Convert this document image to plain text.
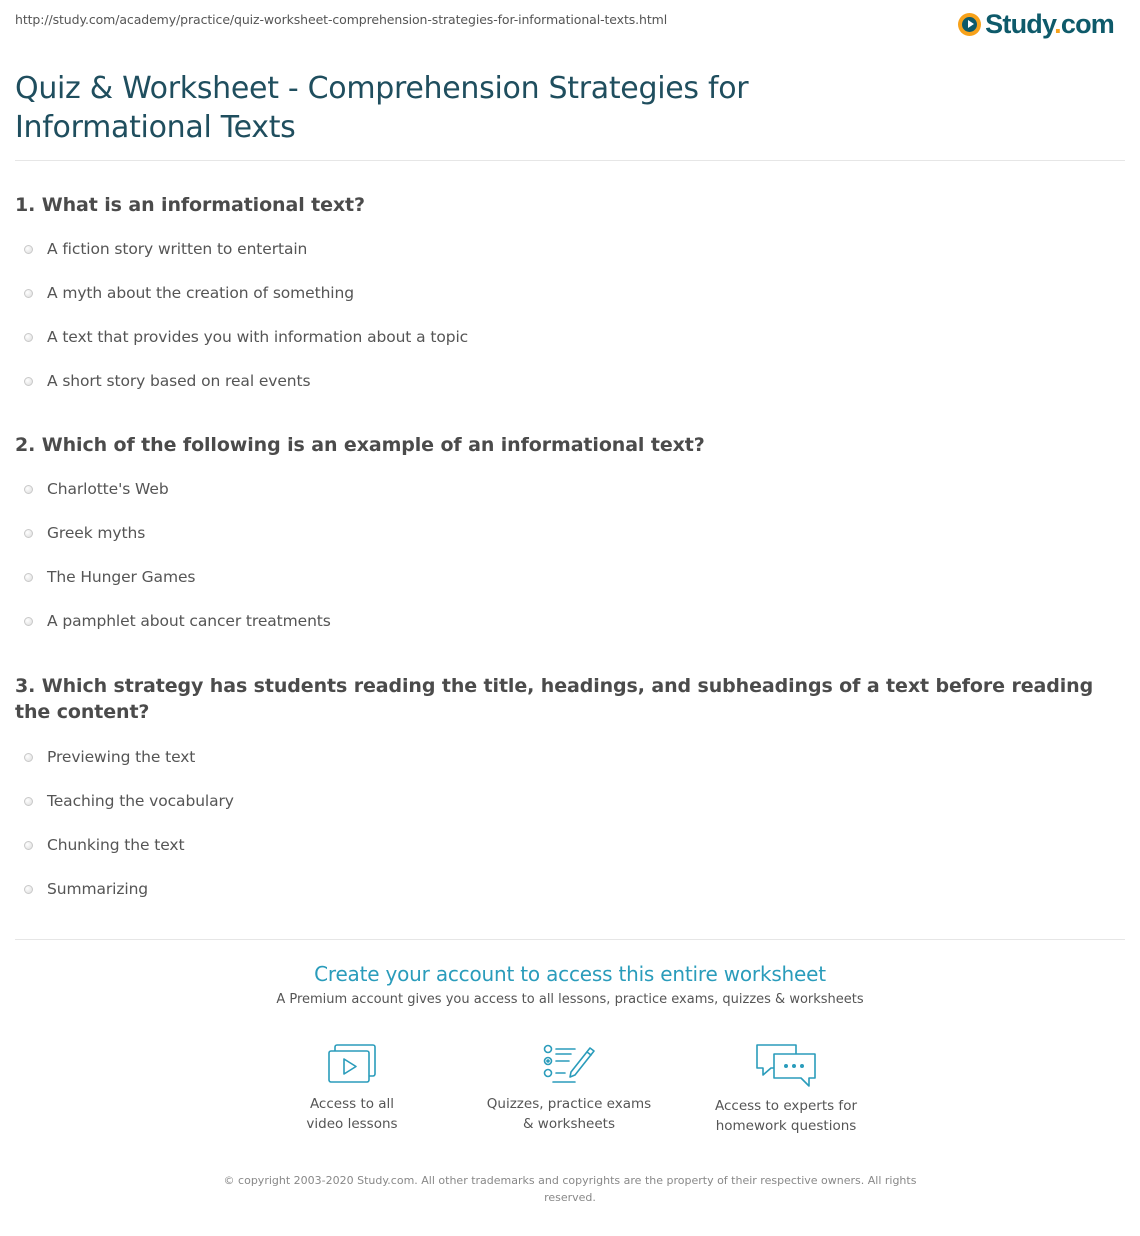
http://study.com/academy/practice/quiz-worksheet-comprehension-strategies-for-informational-texts.html	Study.com
Quiz & Worksheet - Comprehension Strategies for Informational Texts
1. What is an informational text?
A fiction story written to entertain
A myth about the creation of something
A text that provides you with information about a topic
A short story based on real events
2. Which of the following is an example of an informational text?
Charlotte's Web
Greek myths
The Hunger Games
A pamphlet about cancer treatments
3. Which strategy has students reading the title, headings, and subheadings of a text before reading the content?
Previewing the text
Teaching the vocabulary
Chunking the text
Summarizing
Create your account to access this entire worksheet
A Premium account gives you access to all lessons, practice exams, quizzes & worksheets
Access to all
video lessons
Quizzes, practice exams
& worksheets
Access to experts for
homework questions
© copyright 2003-2020 Study.com. All other trademarks and copyrights are the property of their respective owners. All rights reserved.
